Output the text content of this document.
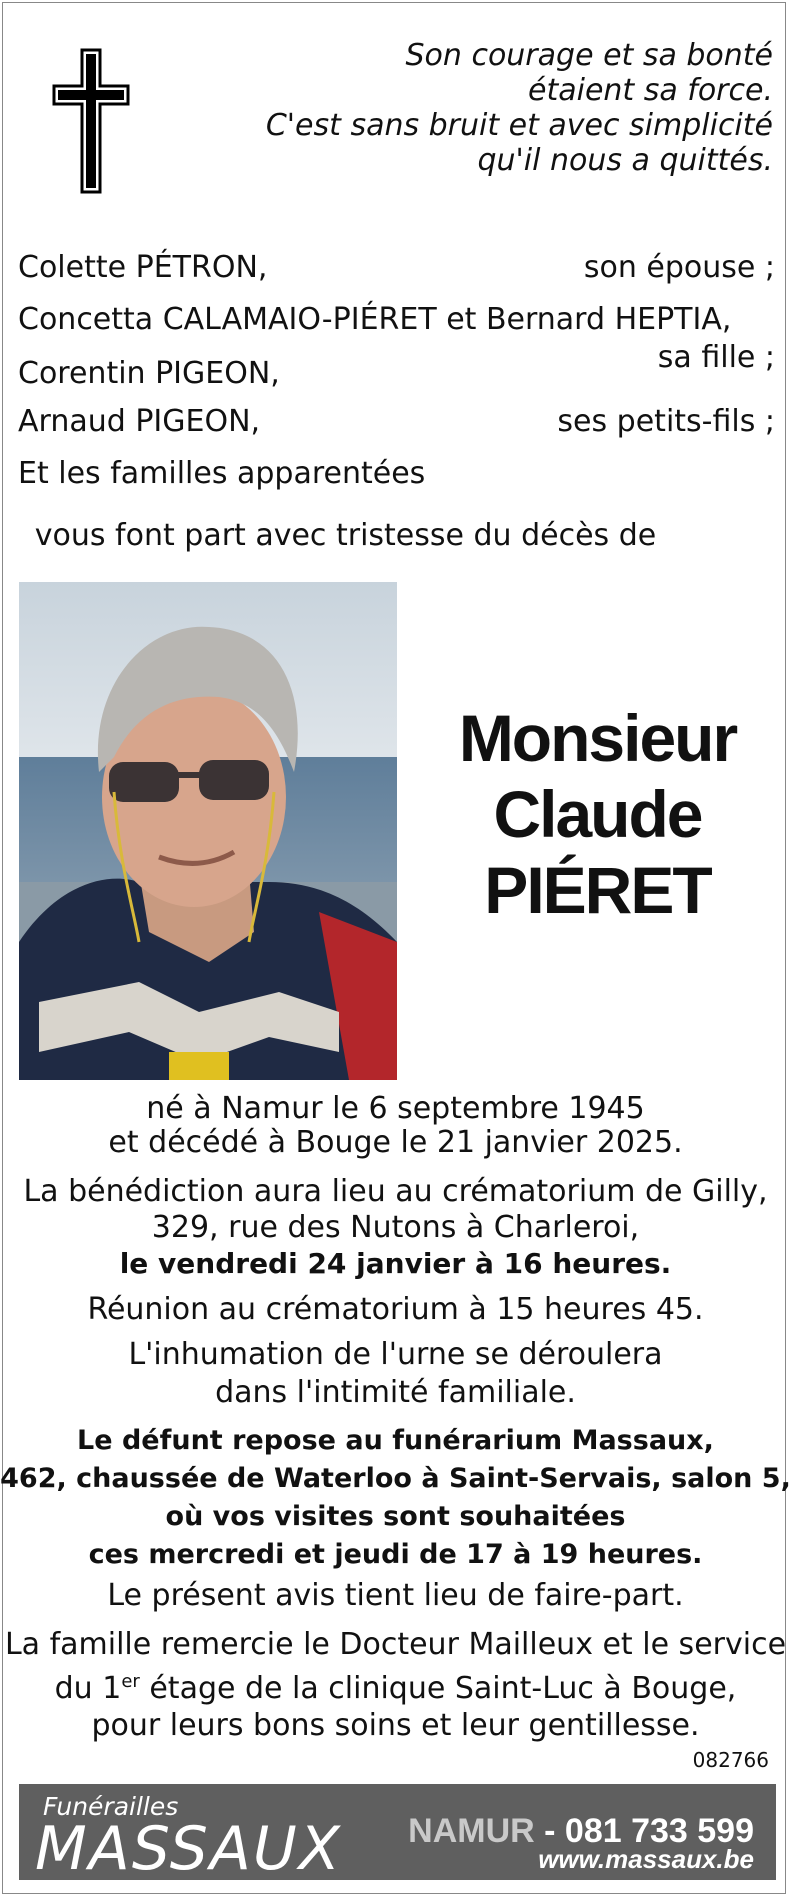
Son courage et sa bonté
étaient sa force.
C'est sans bruit et avec simplicité
qu'il nous a quittés.
Colette PÉTRON,	son épouse ;
Concetta CALAMAIO-PIÉRET et Bernard HEPTIA,
sa fille ;
Corentin PIGEON,
Arnaud PIGEON,	ses petits-fils ;
Et les familles apparentées
vous font part avec tristesse du décès de
Monsieur
Claude
PIÉRET
né à Namur le 6 septembre 1945
et décédé à Bouge le 21 janvier 2025.
La bénédiction aura lieu au crématorium de Gilly,
329, rue des Nutons à Charleroi,
le vendredi 24 janvier à 16 heures.
Réunion au crématorium à 15 heures 45.
L'inhumation de l'urne se déroulera
dans l'intimité familiale.
Le défunt repose au funérarium Massaux,
462, chaussée de Waterloo à Saint-Servais, salon 5,
où vos visites sont souhaitées
ces mercredi et jeudi de 17 à 19 heures.
Le présent avis tient lieu de faire-part.
La famille remercie le Docteur Mailleux et le service
du 1er étage de la clinique Saint-Luc à Bouge,
pour leurs bons soins et leur gentillesse.
082766
Funérailles
MASSAUX NAMUR - 081 733 599
www.massaux.be
